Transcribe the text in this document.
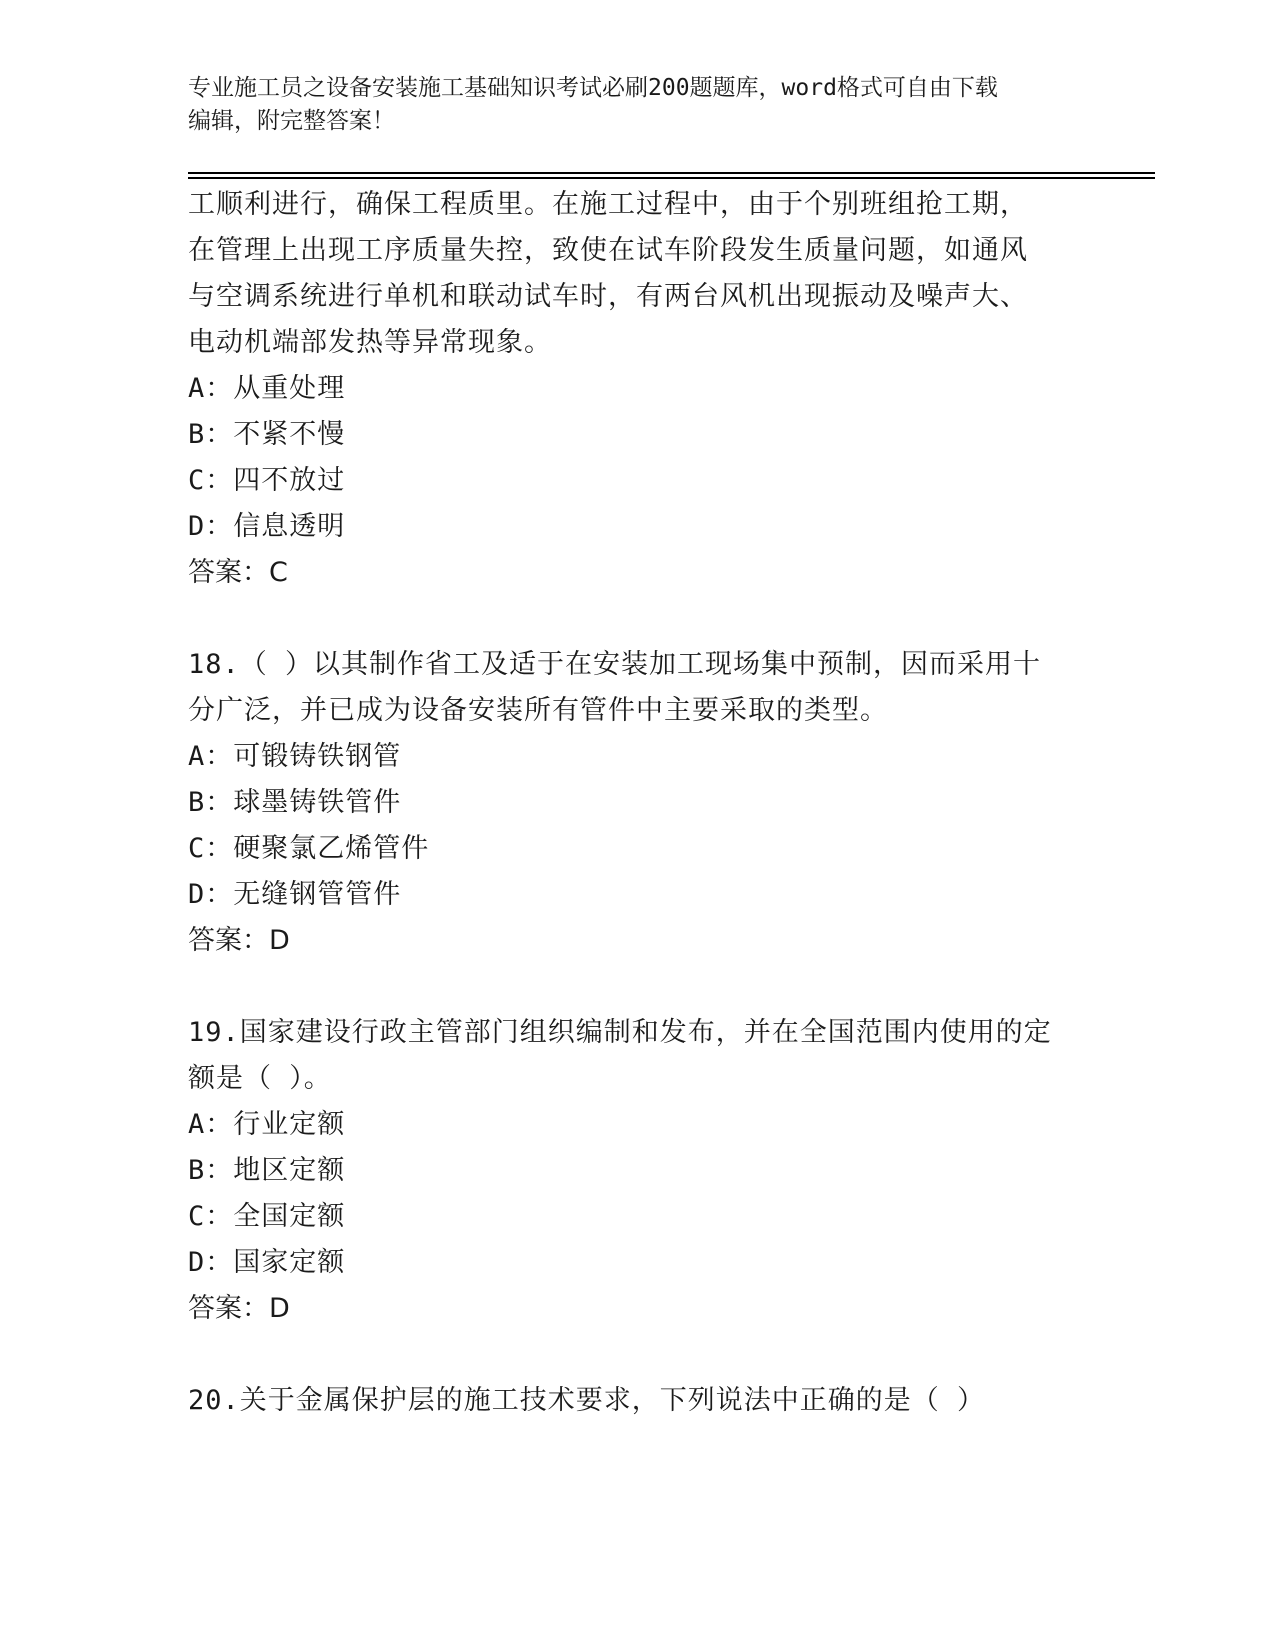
专业施工员之设备安装施工基础知识考试必刷200题题库，word格式可自由下载
编辑，附完整答案！
工顺利进行，确保工程质里。在施工过程中，由于个别班组抢工期，
在管理上出现工序质量失控，致使在试车阶段发生质量问题，如通风
与空调系统进行单机和联动试车时，有两台风机出现振动及噪声大、
电动机端部发热等异常现象。
A：从重处理
B：不紧不慢
C：四不放过
D：信息透明
答案：C
18.（ ）以其制作省工及适于在安装加工现场集中预制，因而采用十
分广泛，并已成为设备安装所有管件中主要采取的类型。
A：可锻铸铁钢管
B：球墨铸铁管件
C：硬聚氯乙烯管件
D：无缝钢管管件
答案：D
19.国家建设行政主管部门组织编制和发布，并在全国范围内使用的定
额是（ ）。
A：行业定额
B：地区定额
C：全国定额
D：国家定额
答案：D
20.关于金属保护层的施工技术要求，下列说法中正确的是（ ）
